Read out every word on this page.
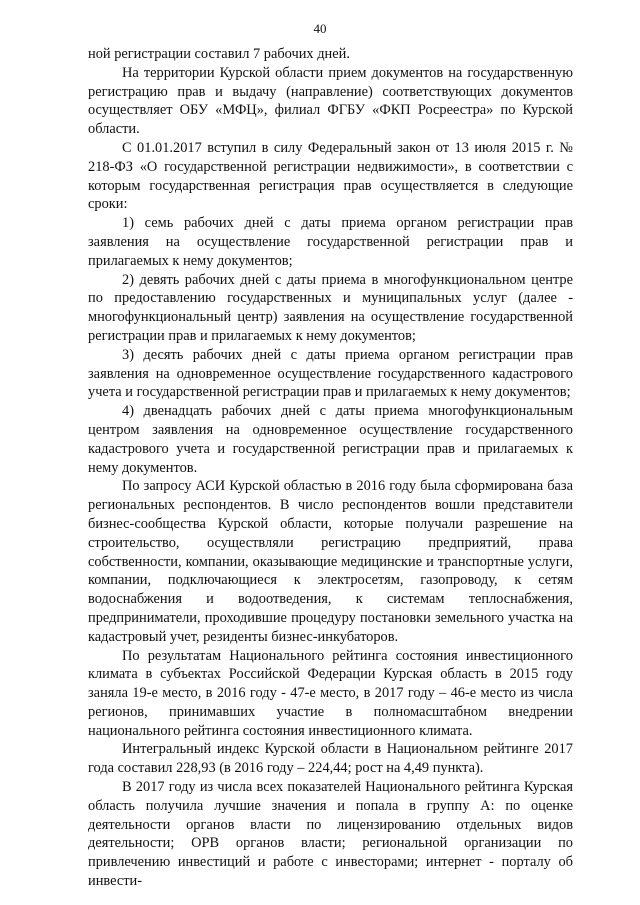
40

ной регистрации составил 7 рабочих дней.

На территории Курской области прием документов на государственную регистрацию прав и выдачу (направление) соответствующих документов осуществляет ОБУ «МФЦ», филиал ФГБУ «ФКП Росреестра» по Курской области.

С 01.01.2017 вступил в силу Федеральный закон от 13 июля 2015 г. № 218-ФЗ «О государственной регистрации недвижимости», в соответствии с которым государственная регистрация прав осуществляется в следующие сроки:

1) семь рабочих дней с даты приема органом регистрации прав заявления на осуществление государственной регистрации прав и прилагаемых к нему документов;

2) девять рабочих дней с даты приема в многофункциональном центре по предоставлению государственных и муниципальных услуг (далее - многофункциональный центр) заявления на осуществление государственной регистрации прав и прилагаемых к нему документов;

3) десять рабочих дней с даты приема органом регистрации прав заявления на одновременное осуществление государственного кадастрового учета и государственной регистрации прав и прилагаемых к нему документов;

4) двенадцать рабочих дней с даты приема многофункциональным центром заявления на одновременное осуществление государственного кадастрового учета и государственной регистрации прав и прилагаемых к нему документов.

По запросу АСИ Курской областью в 2016 году была сформирована база региональных респондентов. В число респондентов вошли представители бизнес-сообщества Курской области, которые получали разрешение на строительство, осуществляли регистрацию предприятий, права собственности, компании, оказывающие медицинские и транспортные услуги, компании, подключающиеся к электросетям, газопроводу, к сетям водоснабжения и водоотведения, к системам теплоснабжения, предприниматели, проходившие процедуру постановки земельного участка на кадастровый учет, резиденты бизнес-инкубаторов.

По результатам Национального рейтинга состояния инвестиционного климата в субъектах Российской Федерации Курская область в 2015 году заняла 19-е место, в 2016 году - 47-е место, в 2017 году – 46-е место из числа регионов, принимавших участие в полномасштабном внедрении национального рейтинга состояния инвестиционного климата.

Интегральный индекс Курской области в Национальном рейтинге 2017 года составил 228,93 (в 2016 году – 224,44; рост на 4,49 пункта).

В 2017 году из числа всех показателей Национального рейтинга Курская область получила лучшие значения и попала в группу А: по оценке деятельности органов власти по лицензированию отдельных видов деятельности; ОРВ органов власти; региональной организации по привлечению инвестиций и работе с инвесторами; интернет - порталу об инвести-
